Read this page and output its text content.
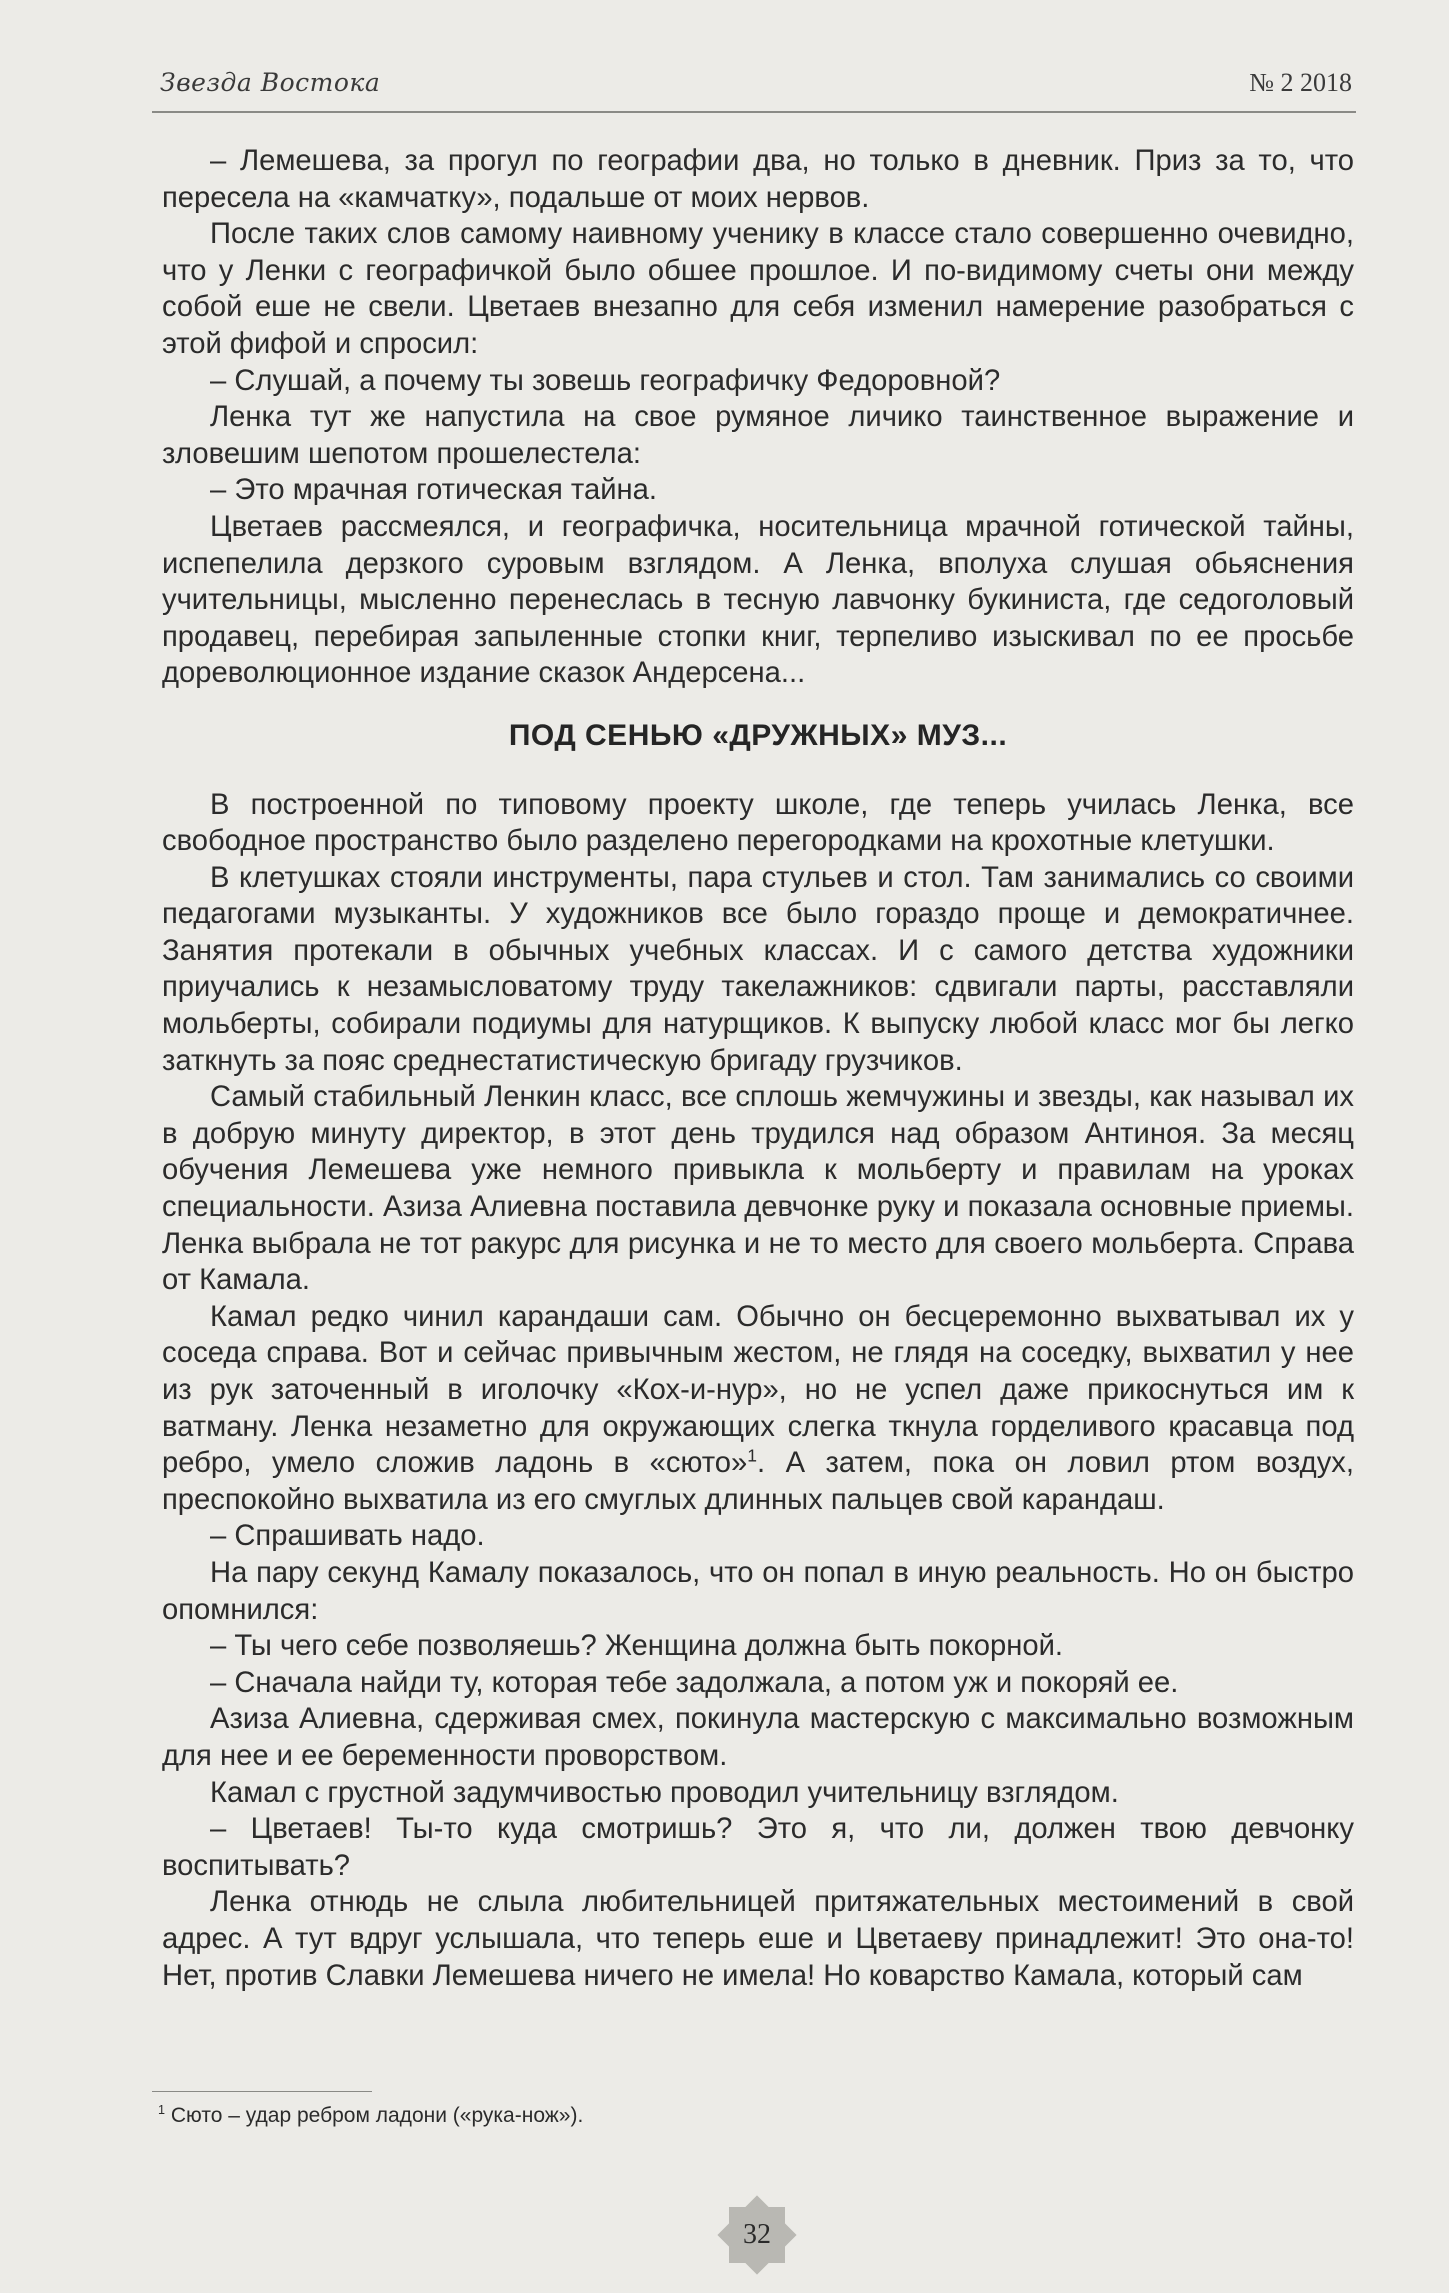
Звезда Востока	№ 2 2018

– Лемешева, за прогул по географии два, но только в дневник. Приз за то, что пересела на «камчатку», подальше от моих нервов.

После таких слов самому наивному ученику в классе стало совершенно очевидно, что у Ленки с географичкой было обшее прошлое. И по-видимому счеты они между собой еше не свели. Цветаев внезапно для себя изменил намерение разобраться с этой фифой и спросил:

– Слушай, а почему ты зовешь географичку Федоровной?

Ленка тут же напустила на свое румяное личико таинственное выражение и зловешим шепотом прошелестела:

– Это мрачная готическая тайна.

Цветаев рассмеялся, и географичка, носительница мрачной готической тайны, испепелила дерзкого суровым взглядом. А Ленка, вполуха слушая обьяснения учительницы, мысленно перенеслась в тесную лавчонку букиниста, где седоголовый продавец, перебирая запыленные стопки книг, терпеливо изыскивал по ее просьбе дореволюционное издание сказок Андерсена...

ПОД СЕНЬЮ «ДРУЖНЫХ» МУЗ...

В построенной по типовому проекту школе, где теперь училась Ленка, все свободное пространство было разделено перегородками на крохотные клетушки.

В клетушках стояли инструменты, пара стульев и стол. Там занимались со своими педагогами музыканты. У художников все было гораздо проще и демократичнее. Занятия протекали в обычных учебных классах. И с самого детства художники приучались к незамысловатому труду такелажников: сдвигали парты, расставляли мольберты, собирали подиумы для натурщиков. К выпуску любой класс мог бы легко заткнуть за пояс среднестатистическую бригаду грузчиков.

Самый стабильный Ленкин класс, все сплошь жемчужины и звезды, как называл их в добрую минуту директор, в этот день трудился над образом Антиноя. За месяц обучения Лемешева уже немного привыкла к мольберту и правилам на уроках специальности. Азиза Алиевна поставила девчонке руку и показала основные приемы. Ленка выбрала не тот ракурс для рисунка и не то место для своего мольберта. Справа от Камала.

Камал редко чинил карандаши сам. Обычно он бесцеремонно выхватывал их у соседа справа. Вот и сейчас привычным жестом, не глядя на соседку, выхватил у нее из рук заточенный в иголочку «Кох-и-нур», но не успел даже прикоснуться им к ватману. Ленка незаметно для окружающих слегка ткнула горделивого красавца под ребро, умело сложив ладонь в «сюто»$^1$. А затем, пока он ловил ртом воздух, преспокойно выхватила из его смуглых длинных пальцев свой карандаш.

– Спрашивать надо.

На пару секунд Камалу показалось, что он попал в иную реальность. Но он быстро опомнился:

– Ты чего себе позволяешь? Женщина должна быть покорной.

– Сначала найди ту, которая тебе задолжала, а потом уж и покоряй ее.

Азиза Алиевна, сдерживая смех, покинула мастерскую с максимально возможным для нее и ее беременности проворством.

Камал с грустной задумчивостью проводил учительницу взглядом.

– Цветаев! Ты-то куда смотришь? Это я, что ли, должен твою девчонку воспитывать?

Ленка отнюдь не слыла любительницей притяжательных местоимений в свой адрес. А тут вдруг услышала, что теперь еше и Цветаеву принадлежит! Это она-то! Нет, против Славки Лемешева ничего не имела! Но коварство Камала, который сам

$^1$ Сюто – удар ребром ладони («рука-нож»).
32
